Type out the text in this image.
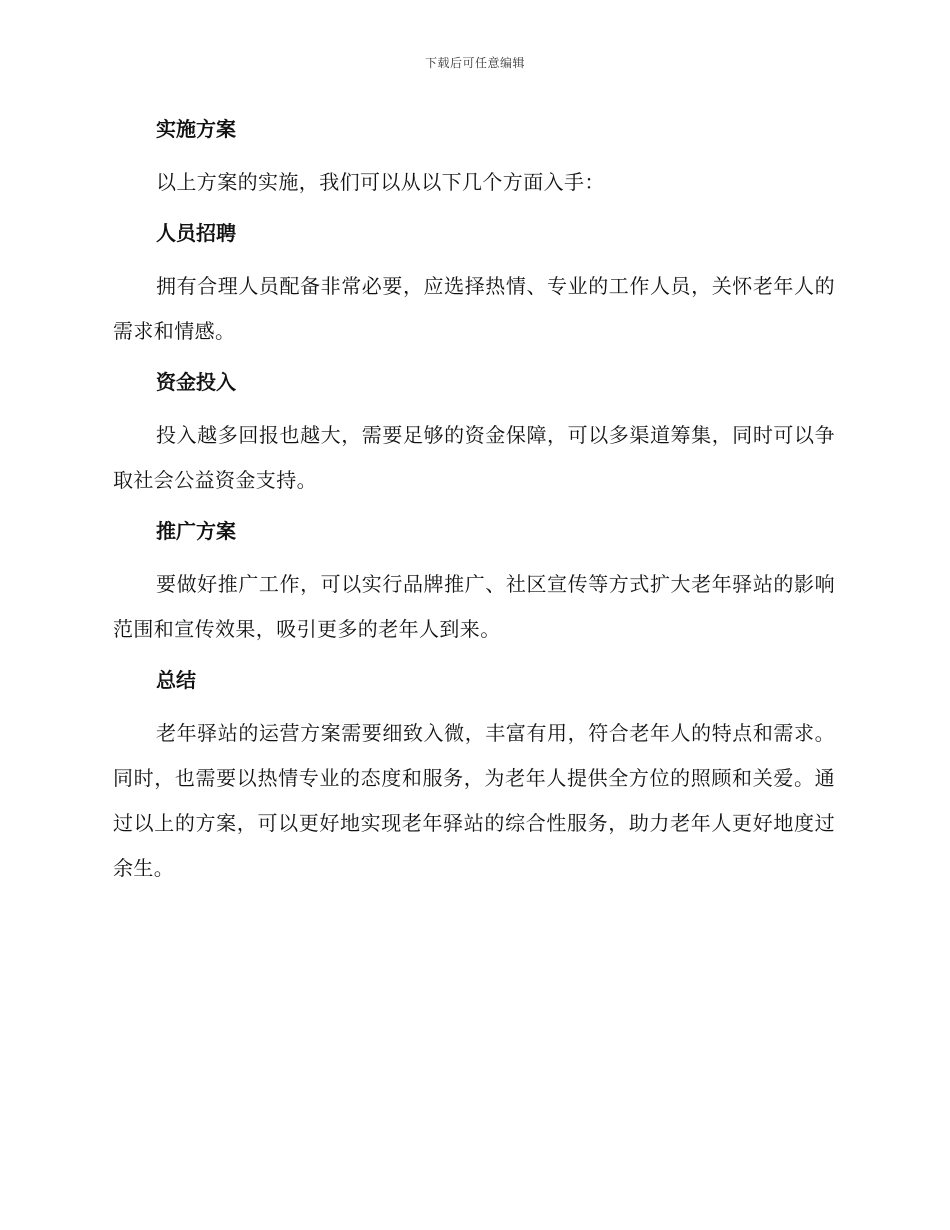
下载后可任意编辑
实施方案

以上方案的实施，我们可以从以下几个方面入手：

人员招聘

拥有合理人员配备非常必要，应选择热情、专业的工作人员，关怀老年人的需求和情感。

资金投入

投入越多回报也越大，需要足够的资金保障，可以多渠道筹集，同时可以争取社会公益资金支持。

推广方案

要做好推广工作，可以实行品牌推广、社区宣传等方式扩大老年驿站的影响范围和宣传效果，吸引更多的老年人到来。

总结

老年驿站的运营方案需要细致入微，丰富有用，符合老年人的特点和需求。同时，也需要以热情专业的态度和服务，为老年人提供全方位的照顾和关爱。通过以上的方案，可以更好地实现老年驿站的综合性服务，助力老年人更好地度过余生。
